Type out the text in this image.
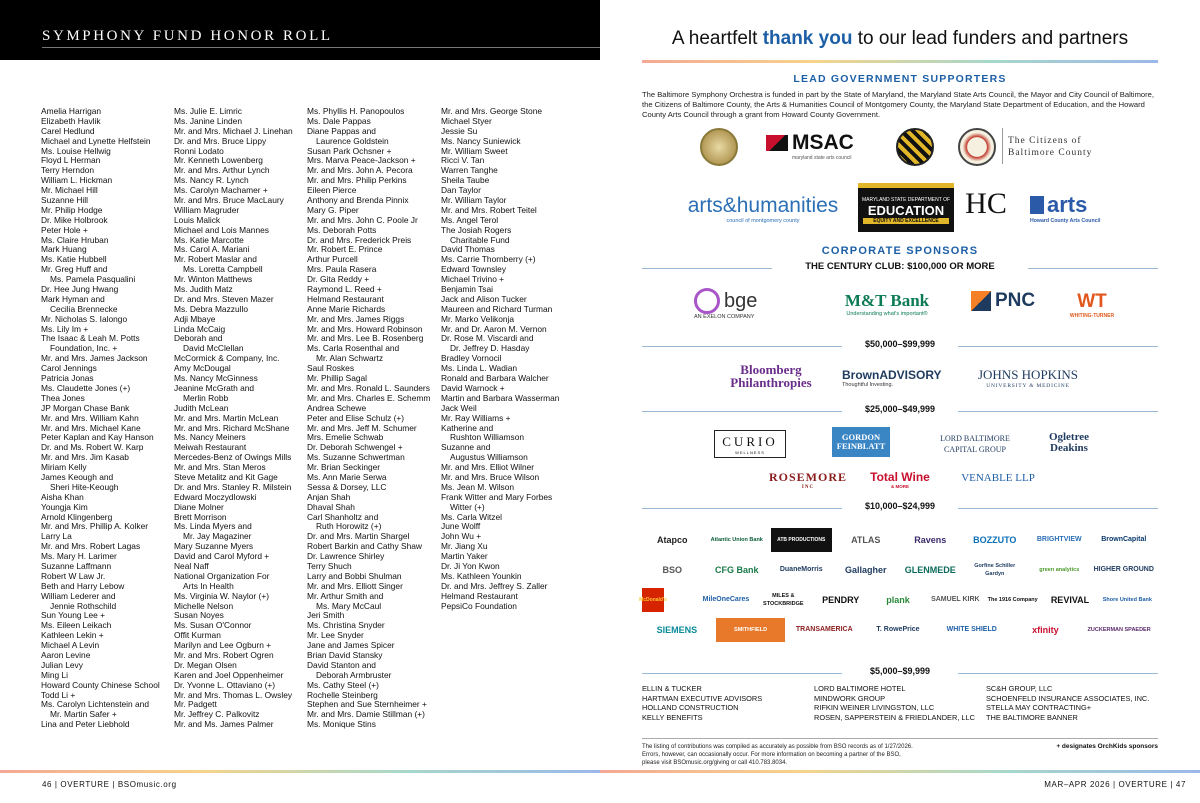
SYMPHONY FUND HONOR ROLL
Amelia Harrigan
Elizabeth Havlik
Carel Hedlund
Michael and Lynette Helfstein
Ms. Louise Hellwig
Floyd L Herman
Terry Herndon
William L. Hickman
Mr. Michael Hill
Suzanne Hill
Mr. Philip Hodge
Dr. Mike Holbrook
Peter Hole +
Ms. Claire Hruban
Mark Huang
Ms. Katie Hubbell
Mr. Greg Huff and
Ms. Pamela Pasqualini
Dr. Hee Jung Hwang
Mark Hyman and
Cecilia Brennecke
Mr. Nicholas S. Ialongo
Ms. Lily Im +
The Isaac & Leah M. Potts
Foundation, Inc. +
Mr. and Mrs. James Jackson
Carol Jennings
Patricia Jonas
Ms. Claudette Jones (+)
Thea Jones
JP Morgan Chase Bank
Mr. and Mrs. William Kahn
Mr. and Mrs. Michael Kane
Peter Kaplan and Kay Hanson
Dr. and Ms. Robert W. Karp
Mr. and Mrs. Jim Kasab
Miriam Kelly
James Keough and
Sheri Hite-Keough
Aisha Khan
Youngja Kim
Arnold Klingenberg
Mr. and Mrs. Phillip A. Kolker
Larry La
Mr. and Mrs. Robert Lagas
Ms. Mary H. Larimer
Suzanne Laffmann
Robert W Law Jr.
Beth and Harry Lebow
William Lederer and
Jennie Rothschild
Sun Young Lee +
Ms. Eileen Leikach
Kathleen Lekin +
Michael A Levin
Aaron Levine
Julian Levy
Ming Li
Howard County Chinese School
Todd Li +
Ms. Carolyn Lichtenstein and
Mr. Martin Safer +
Lina and Peter Liebhold
Ms. Julie E. Limric
Ms. Janine Linden
Mr. and Mrs. Michael J. Linehan
Dr. and Mrs. Bruce Lippy
Ronni Lodato
Mr. Kenneth Lowenberg
Mr. and Mrs. Arthur Lynch
Ms. Nancy R. Lynch
Ms. Carolyn Machamer +
Mr. and Mrs. Bruce MacLaury
William Magruder
Louis Malick
Michael and Lois Mannes
Ms. Katie Marcotte
Ms. Carol A. Mariani
Mr. Robert Maslar and
Ms. Loretta Campbell
Mr. Winton Matthews
Ms. Judith Matz
Dr. and Mrs. Steven Mazer
Ms. Debra Mazzullo
Adji Mbaye
Linda McCaig
Deborah and
David McClellan
McCormick & Company, Inc.
Amy McDougal
Ms. Nancy McGinness
Jeanine McGrath and
Merlin Robb
Judith McLean
Mr. and Mrs. Martin McLean
Mr. and Mrs. Richard McShane
Ms. Nancy Meiners
Meiwah Restaurant
Mercedes-Benz of Owings Mills
Mr. and Mrs. Stan Meros
Steve Metalitz and Kit Gage
Dr. and Mrs. Stanley R. Milstein
Edward Moczydlowski
Diane Molner
Brett Morrison
Ms. Linda Myers and
Mr. Jay Magaziner
Mary Suzanne Myers
David and Carol Myford +
Neal Naff
National Organization For
Arts In Health
Ms. Virginia W. Naylor (+)
Michelle Nelson
Susan Noyes
Ms. Susan O'Connor
Offit Kurman
Marilyn and Lee Ogburn +
Mr. and Mrs. Robert Ogren
Dr. Megan Olsen
Karen and Joel Oppenheimer
Dr. Yvonne L. Ottaviano (+)
Mr. and Mrs. Thomas L. Owsley
Mr. Padgett
Mr. Jeffrey C. Palkovitz
Mr. and Ms. James Palmer
Ms. Phyllis H. Panopoulos
Ms. Dale Pappas
Diane Pappas and
Laurence Goldstein
Susan Park Ochsner +
Mrs. Marva Peace-Jackson +
Mr. and Mrs. John A. Pecora
Mr. and Mrs. Philip Perkins
Eileen Pierce
Anthony and Brenda Pinnix
Mary G. Piper
Mr. and Mrs. John C. Poole Jr
Ms. Deborah Potts
Dr. and Mrs. Frederick Preis
Mr. Robert E. Prince
Arthur Purcell
Mrs. Paula Rasera
Dr. Gita Reddy +
Raymond L. Reed +
Helmand Restaurant
Anne Marie Richards
Mr. and Mrs. James Riggs
Mr. and Mrs. Howard Robinson
Mr. and Mrs. Lee B. Rosenberg
Ms. Carla Rosenthal and
Mr. Alan Schwartz
Saul Roskes
Mr. Phillip Sagal
Mr. and Mrs. Ronald L. Saunders
Mr. and Mrs. Charles E. Schemm
Andrea Schewe
Peter and Elise Schulz (+)
Mr. and Mrs. Jeff M. Schumer
Mrs. Emelie Schwab
Dr. Deborah Schwengel +
Ms. Suzanne Schwertman
Mr. Brian Seckinger
Ms. Ann Marie Serwa
Sessa & Dorsey, LLC
Anjan Shah
Dhaval Shah
Carl Shanholtz and
Ruth Horowitz (+)
Dr. and Mrs. Martin Shargel
Robert Barkin and Cathy Shaw
Dr. Lawrence Shirley
Terry Shuch
Larry and Bobbi Shulman
Mr. and Mrs. Elliott Singer
Mr. Arthur Smith and
Ms. Mary McCaul
Jeri Smith
Ms. Christina Snyder
Mr. Lee Snyder
Jane and James Spicer
Brian David Stansky
David Stanton and
Deborah Armbruster
Ms. Cathy Steel (+)
Rochelle Steinberg
Stephen and Sue Sternheimer +
Mr. and Mrs. Damie Stillman (+)
Ms. Monique Stins
Mr. and Mrs. George Stone
Michael Styer
Jessie Su
Ms. Nancy Suniewick
Mr. William Sweet
Ricci V. Tan
Warren Tanghe
Sheila Taube
Dan Taylor
Mr. William Taylor
Mr. and Mrs. Robert Teitel
Ms. Angel Terol
The Josiah Rogers
Charitable Fund
David Thomas
Ms. Carrie Thornberry (+)
Edward Townsley
Michael Trivino +
Benjamin Tsai
Jack and Alison Tucker
Maureen and Richard Turman
Mr. Marko Velikonja
Mr. and Dr. Aaron M. Vernon
Dr. Rose M. Viscardi and
Dr. Jeffrey D. Hasday
Bradley Vornocil
Ms. Linda L. Wadian
Ronald and Barbara Walcher
David Warnock +
Martin and Barbara Wasserman
Jack Weil
Mr. Ray Williams +
Katherine and
Rushton Williamson
Suzanne and
Augustus Williamson
Mr. and Mrs. Elliot Wilner
Mr. and Mrs. Bruce Wilson
Ms. Jean M. Wilson
Frank Witter and Mary Forbes
Witter (+)
Ms. Carla Witzel
June Wolff
John Wu +
Mr. Jiang Xu
Martin Yaker
Dr. Ji Yon Kwon
Ms. Kathleen Younkin
Dr. and Mrs. Jeffrey S. Zaller
Helmand Restaurant
PepsiCo Foundation
46 | OVERTURE | BSOmusic.org
A heartfelt thank you to our lead funders and partners
LEAD GOVERNMENT SUPPORTERS
The Baltimore Symphony Orchestra is funded in part by the State of Maryland, the Maryland State Arts Council, the Mayor and City Council of Baltimore, the Citizens of Baltimore County, the Arts & Humanities Council of Montgomery County, the Maryland State Department of Education, and the Howard County Arts Council through a grant from Howard County Government.
MSAC
maryland state arts council
The Citizens of
Baltimore County
arts&humanities
council of montgomery county
MARYLAND STATE DEPARTMENT OF
EDUCATION
EQUITY AND EXCELLENCE
HC arts
Howard County Arts Council
CORPORATE SPONSORS
THE CENTURY CLUB: $100,000 OR MORE
bge
AN EXELON COMPANY
M&T Bank
Understanding what's important®
PNC WT
WHITING-TURNER
$50,000–$99,999
Bloomberg
Philanthropies	BrownADVISORY
Thoughtful Investing.
JOHNS HOPKINS
UNIVERSITY & MEDICINE
$25,000–$49,999
CURIO
WELLNESS
GORDON
FEINBLATT
LORD BALTIMORE
CAPITAL GROUP
Ogletree
Deakins
ROSEMORE
INC
Total Wine
& MORE
VENABLE LLP
$10,000–$24,999
Atapco	Atlantic Union Bank	ATB PRODUCTIONS	ATLAS	Ravens	BOZZUTO	BRIGHTVIEW	BrownCapital
BSO	CFG Bank	DuaneMorris	Gallagher	GLENMEDE	Gorfine Schiller Gardyn
green analytics	HIGHER GROUND
McDonald's	MileOneCares	MILES & STOCKBRIDGE	PENDRY	plank	SAMUEL KIRK	The 1916 Company	REVIVAL	Shore United Bank
SIEMENS	SMITHFIELD	TRANSAMERICA	T. RowePrice	WHITE SHIELD	xfinity	ZUCKERMAN SPAEDER
$5,000–$9,999
ELLIN & TUCKER
HARTMAN EXECUTIVE ADVISORS
HOLLAND CONSTRUCTION
KELLY BENEFITS
LORD BALTIMORE HOTEL
MINDWORK GROUP
RIFKIN WEINER LIVINGSTON, LLC
ROSEN, SAPPERSTEIN & FRIEDLANDER, LLC
SC&H GROUP, LLC
SCHOENFELD INSURANCE ASSOCIATES, INC.
STELLA MAY CONTRACTING+
THE BALTIMORE BANNER
The listing of contributions was compiled as accurately as possible from BSO records as of 1/27/2026.
Errors, however, can occasionally occur. For more information on becoming a partner of the BSO,
please visit BSOmusic.org/giving or call 410.783.8034.
+ designates OrchKids sponsors
MAR–APR 2026 | OVERTURE | 47
